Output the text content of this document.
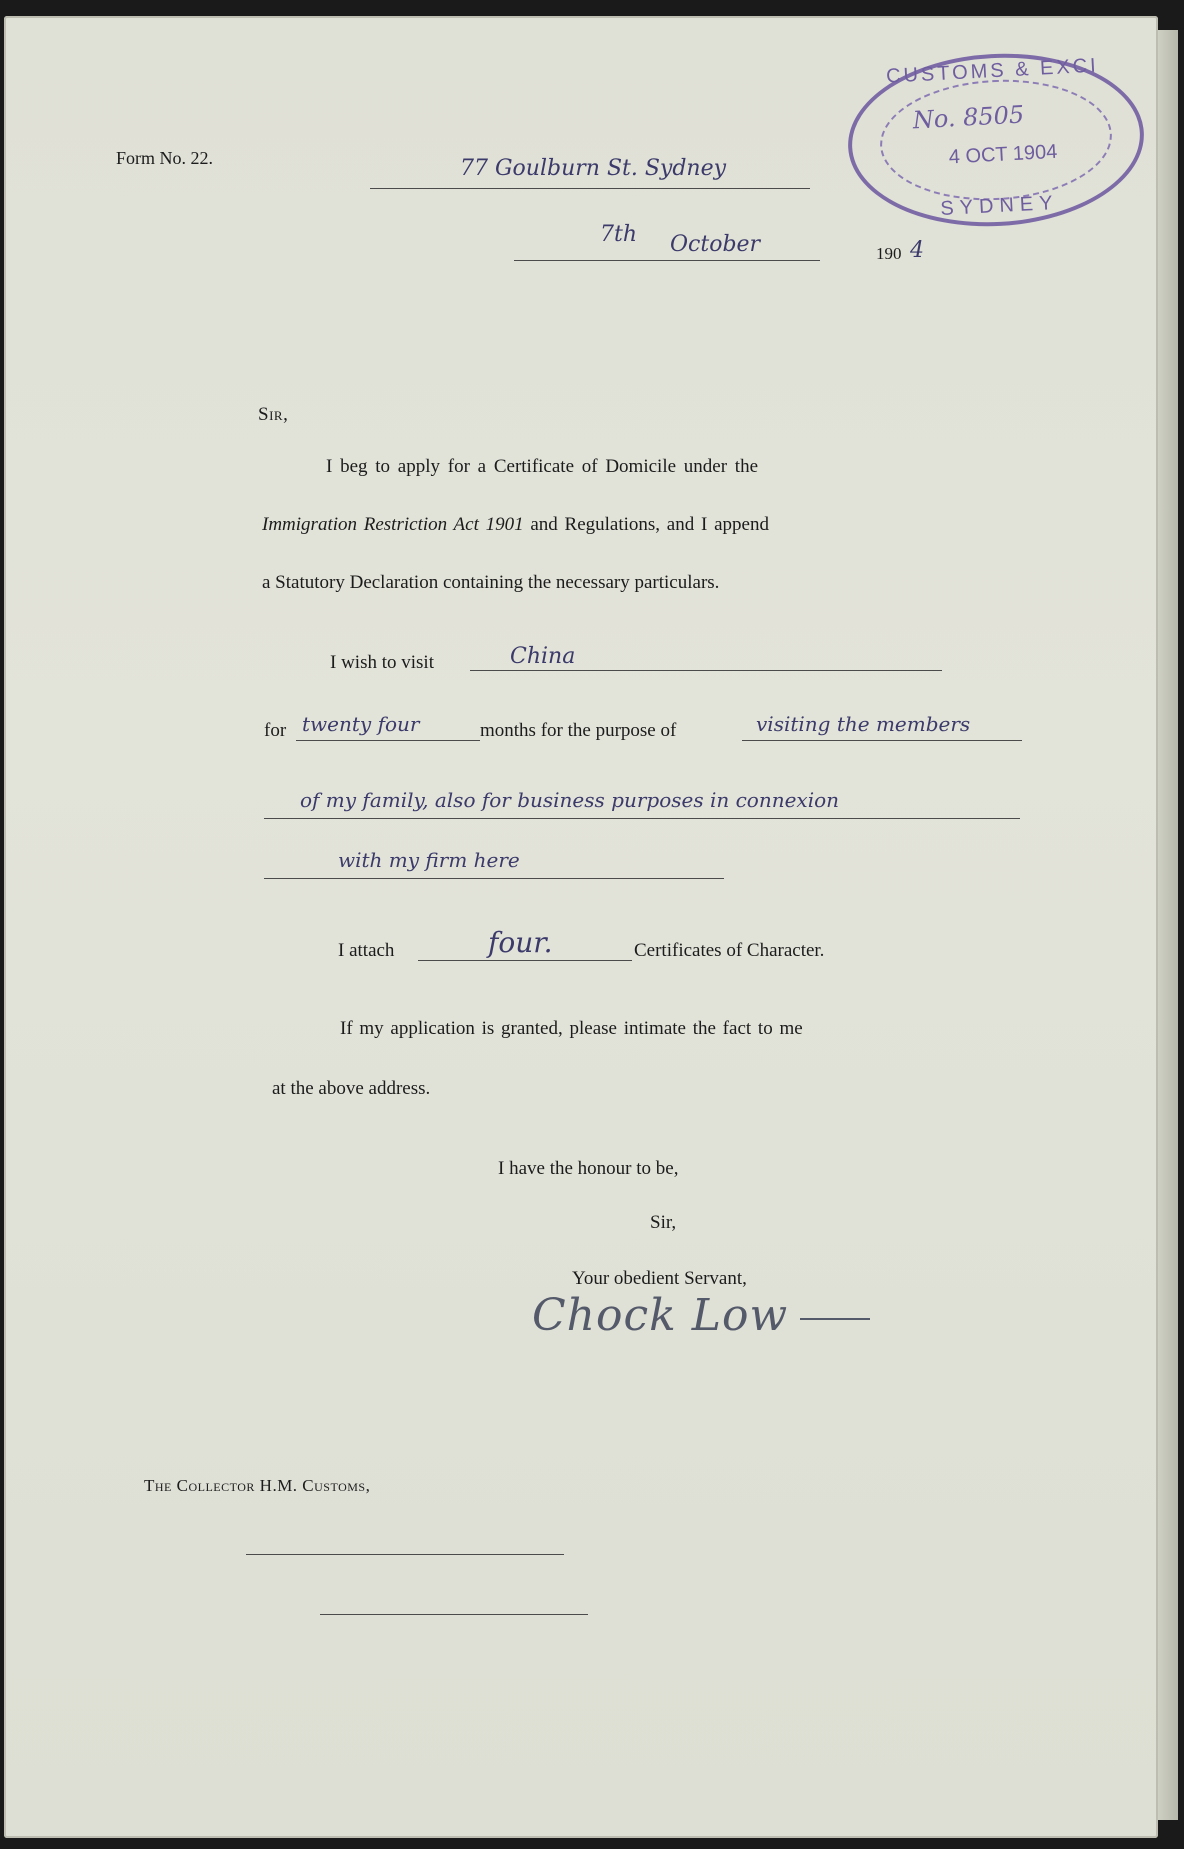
Form No. 22.
CUSTOMS & EXCI
No. 8505
4 OCT 1904
SYDNEY
77 Goulburn St. Sydney
7th October	190 4
Sir,
I beg to apply for a Certificate of Domicile under the
Immigration Restriction Act 1901 and Regulations, and I append
a Statutory Declaration containing the necessary particulars.
I wish to visit	China
for twenty four	months for the purpose of	visiting the members
of my family, also for business purposes in connexion
with my firm here
I attach	four.	Certificates of Character.
If my application is granted, please intimate the fact to me
at the above address.
I have the honour to be,
Sir,
Your obedient Servant,
Chock Low
The Collector H.M. Customs,
